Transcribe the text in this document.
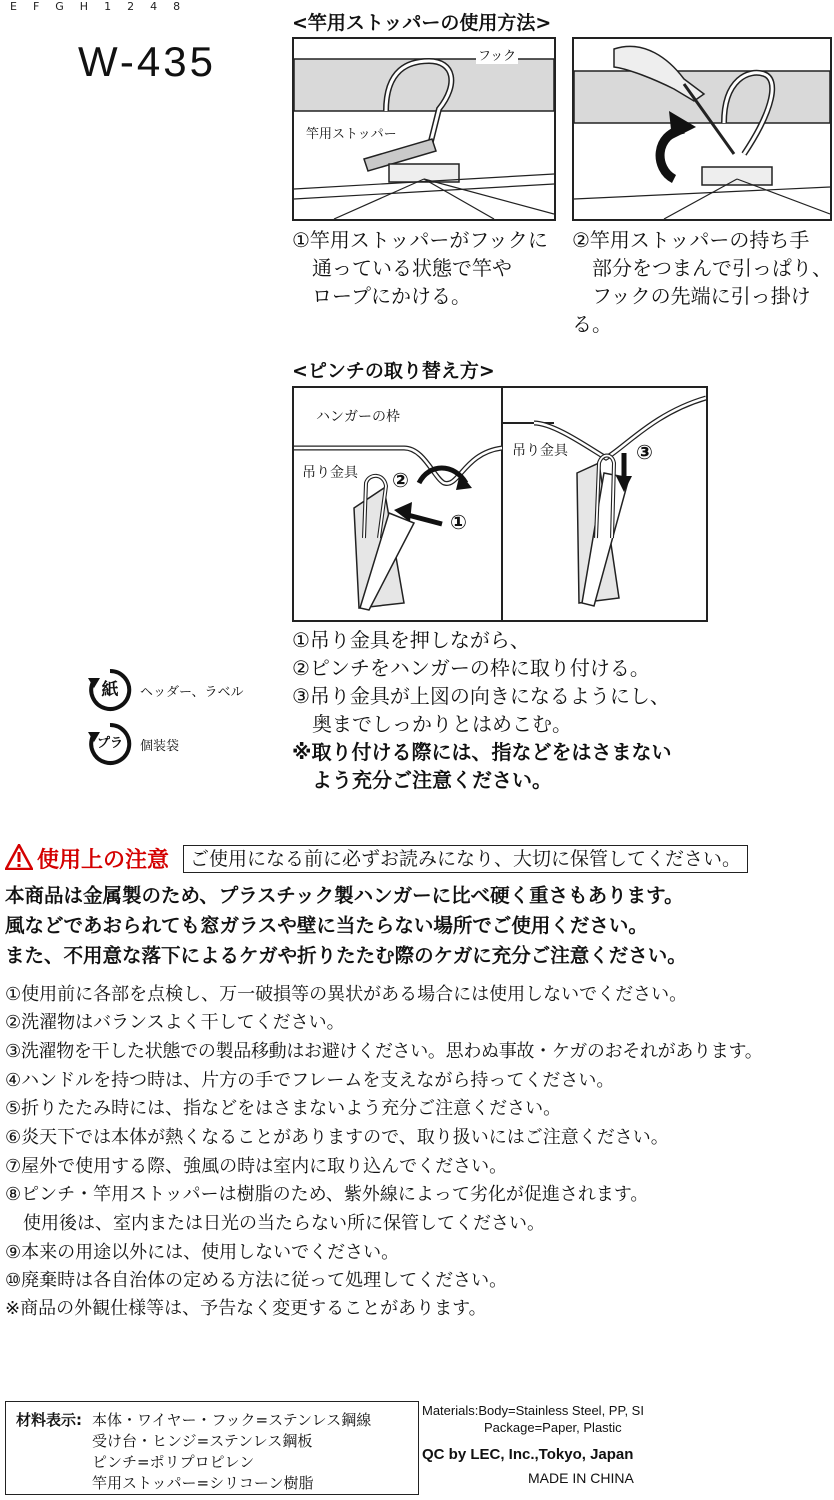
EFGH1248
W-435
<竿用ストッパーの使用方法>
フック
竿用ストッパー
①竿用ストッパーがフックに
　通っている状態で竿や
　ロープにかける。
②竿用ストッパーの持ち手
　部分をつまんで引っぱり、
　フックの先端に引っ掛ける。
<ピンチの取り替え方>
ハンガーの枠
吊り金具
吊り金具
①
②
③
①吊り金具を押しながら、
②ピンチをハンガーの枠に取り付ける。
③吊り金具が上図の向きになるようにし、
　奥までしっかりとはめこむ。
※取り付ける際には、指などをはさまない
　よう充分ご注意ください。
紙	ヘッダー、ラベル
プラ	個装袋
使用上の注意	ご使用になる前に必ずお読みになり、大切に保管してください。
本商品は金属製のため、プラスチック製ハンガーに比べ硬く重さもあります。
風などであおられても窓ガラスや壁に当たらない場所でご使用ください。
また、不用意な落下によるケガや折りたたむ際のケガに充分ご注意ください。
①使用前に各部を点検し、万一破損等の異状がある場合には使用しないでください。
②洗濯物はバランスよく干してください。
③洗濯物を干した状態での製品移動はお避けください。思わぬ事故・ケガのおそれがあります。
④ハンドルを持つ時は、片方の手でフレームを支えながら持ってください。
⑤折りたたみ時には、指などをはさまないよう充分ご注意ください。
⑥炎天下では本体が熱くなることがありますので、取り扱いにはご注意ください。
⑦屋外で使用する際、強風の時は室内に取り込んでください。
⑧ピンチ・竿用ストッパーは樹脂のため、紫外線によって劣化が促進されます。
　使用後は、室内または日光の当たらない所に保管してください。
⑨本来の用途以外には、使用しないでください。
⑩廃棄時は各自治体の定める方法に従って処理してください。
※商品の外観仕様等は、予告なく変更することがあります。
材料表示: 本体・ワイヤー・フック=ステンレス鋼線
受け台・ヒンジ=ステンレス鋼板
ピンチ=ポリプロピレン
竿用ストッパー=シリコーン樹脂
Materials:Body=Stainless Steel, PP, SI
Package=Paper, Plastic
QC by LEC, Inc.,Tokyo, Japan
MADE IN CHINA
